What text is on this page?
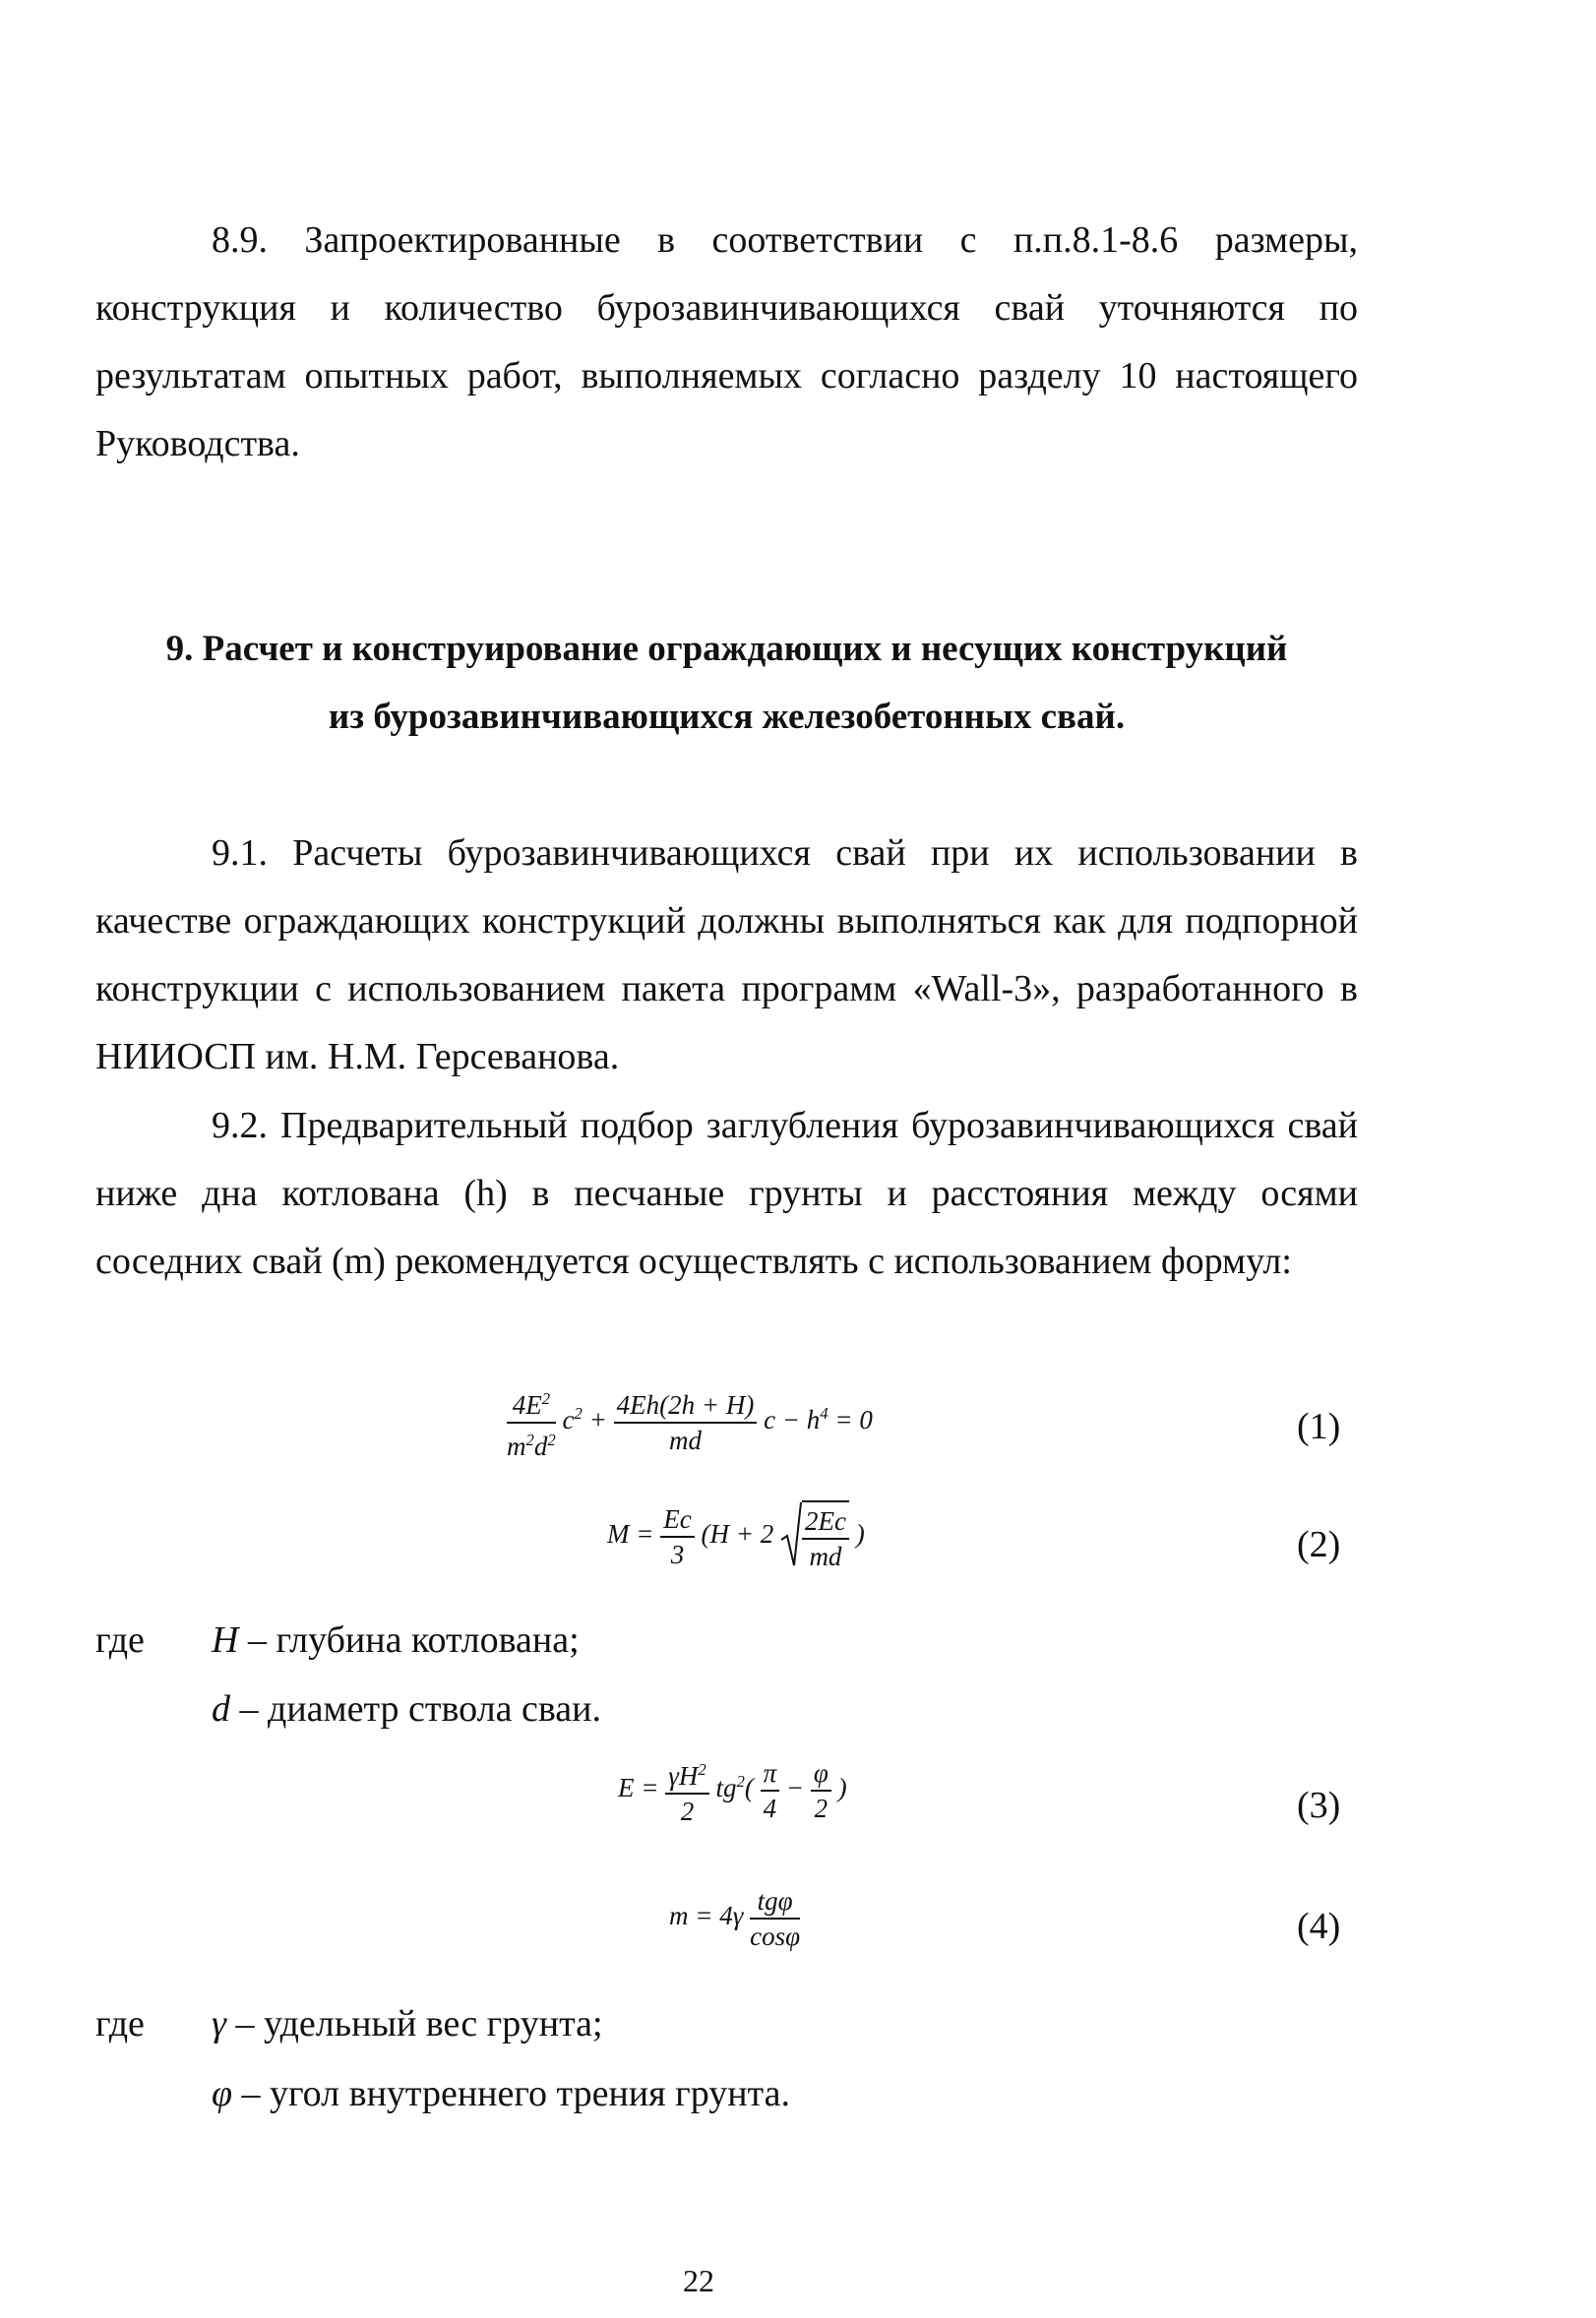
8.9. Запроектированные в соответствии с п.п.8.1-8.6 размеры, конструкция и количество бурозавинчивающихся свай уточняются по результатам опытных работ, выполняемых согласно разделу 10 настоящего Руководства.

9. Расчет и конструирование ограждающих и несущих конструкций
из бурозавинчивающихся железобетонных свай.

9.1. Расчеты бурозавинчивающихся свай при их использовании в качестве ограждающих конструкций должны выполняться как для подпорной конструкции с использованием пакета программ «Wall-3», разработанного в НИИОСП им. Н.М. Герсеванова.

9.2. Предварительный подбор заглубления бурозавинчивающихся свай ниже дна котлована (h) в песчаные грунты и расстояния между осями соседних свай (m) рекомендуется осуществлять с использованием формул:

$\frac{4E^2}{m^2d^2} c^2 + \frac{4Eh(2h + H)}{md}$ $c - h^4 = 0$	(1)
$M = \frac{Ec}{3} (H + 2 \frac{2Ec}{md}$ )	(2)
где H – глубина котлована;
d – диаметр ствола сваи.
$E = \frac{\gamma H^2}{2} tg^2( \frac{\pi}{4} - \frac{\varphi}{2}$ )	(3)
$m = 4\gamma \frac{\text{tgφ}}{\cos\varphi}$	(4)
где γ – удельный вес грунта;
φ – угол внутреннего трения грунта.
22
